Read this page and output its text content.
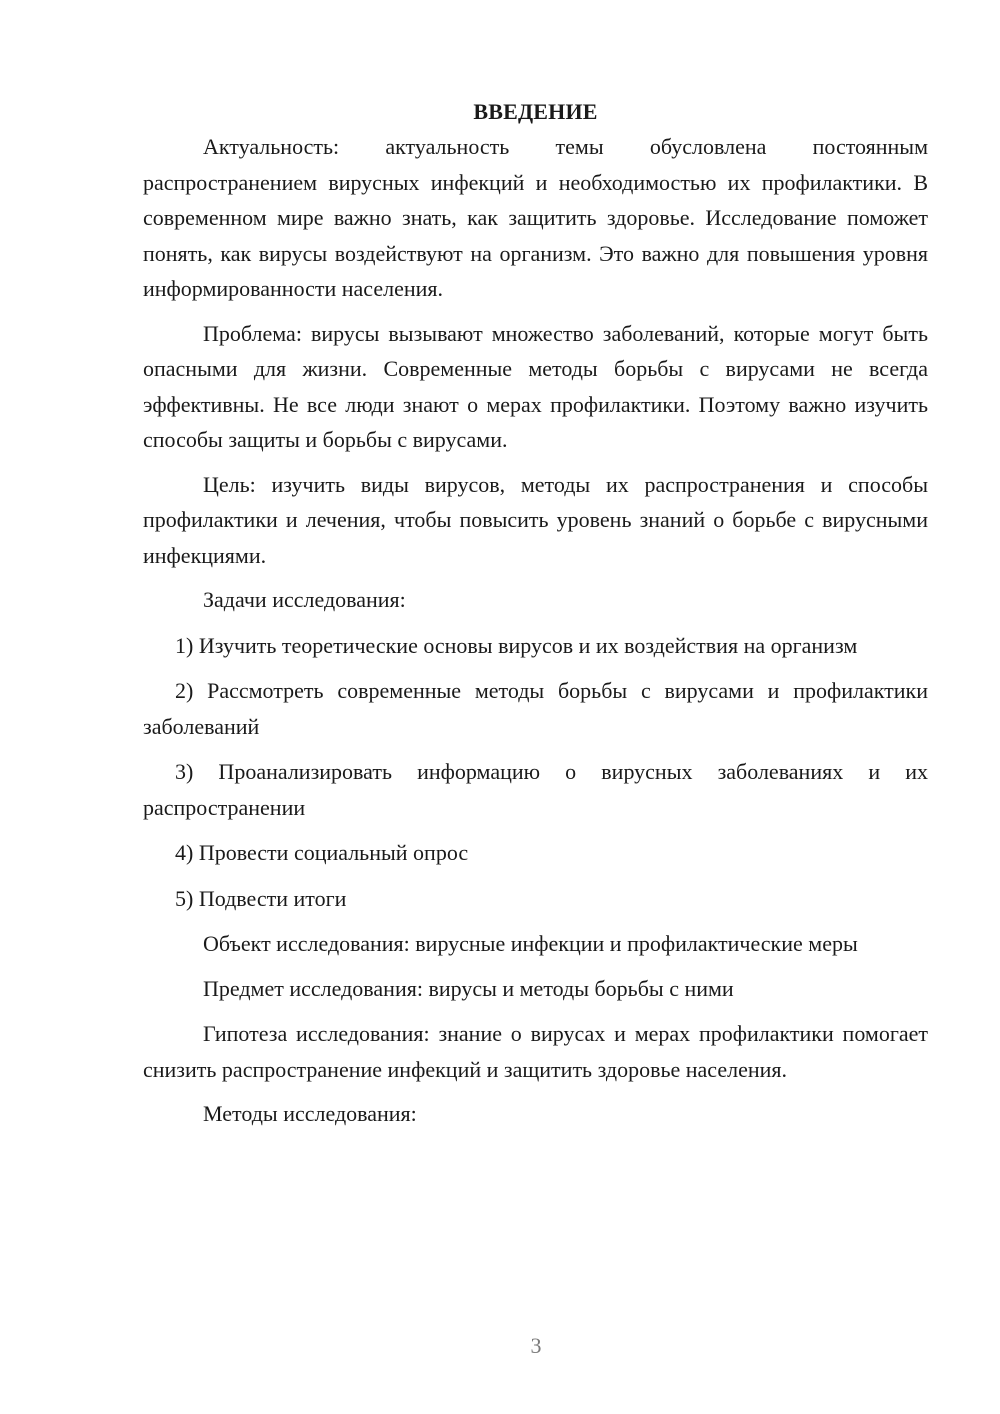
ВВЕДЕНИЕ

Актуальность: актуальность темы обусловлена постоянным распространением вирусных инфекций и необходимостью их профилактики. В современном мире важно знать, как защитить здоровье. Исследование поможет понять, как вирусы воздействуют на организм. Это важно для повышения уровня информированности населения.

Проблема: вирусы вызывают множество заболеваний, которые могут быть опасными для жизни. Современные методы борьбы с вирусами не всегда эффективны. Не все люди знают о мерах профилактики. Поэтому важно изучить способы защиты и борьбы с вирусами.

Цель: изучить виды вирусов, методы их распространения и способы профилактики и лечения, чтобы повысить уровень знаний о борьбе с вирусными инфекциями.

Задачи исследования:

1) Изучить теоретические основы вирусов и их воздействия на организм

2) Рассмотреть современные методы борьбы с вирусами и профилактики заболеваний

3) Проанализировать информацию о вирусных заболеваниях и их распространении

4) Провести социальный опрос

5) Подвести итоги

Объект исследования: вирусные инфекции и профилактические меры

Предмет исследования: вирусы и методы борьбы с ними

Гипотеза исследования: знание о вирусах и мерах профилактики помогает снизить распространение инфекций и защитить здоровье населения.

Методы исследования:

3
